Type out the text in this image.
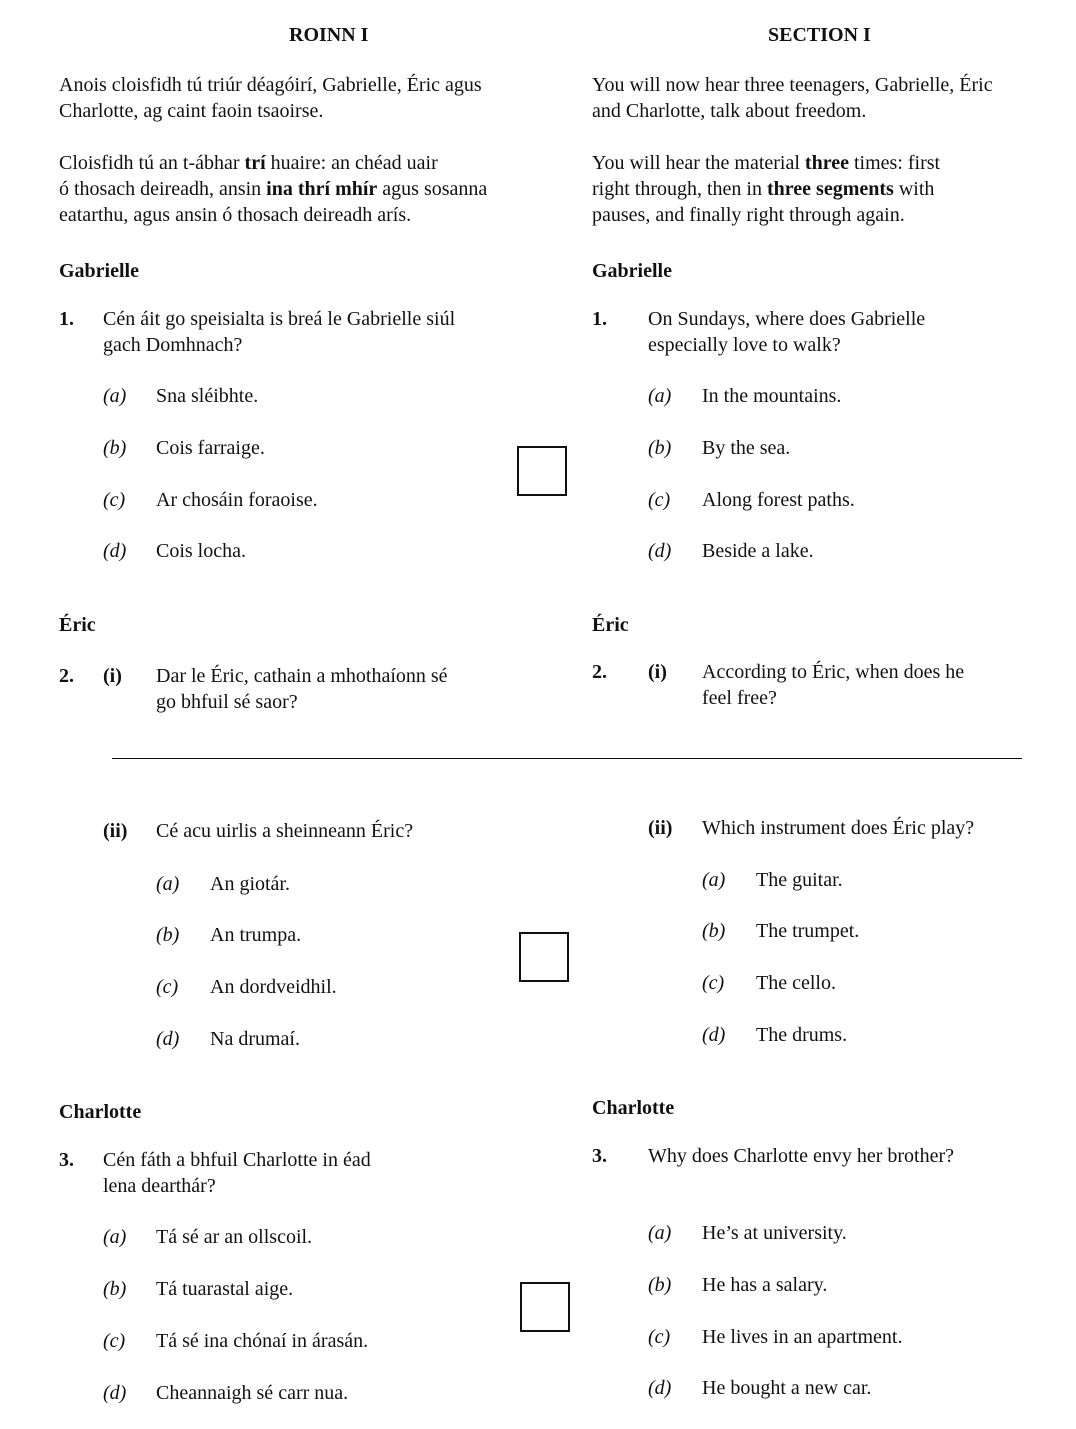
ROINN I	SECTION I
Anois cloisfidh tú triúr déagóirí, Gabrielle, Éric agus
Charlotte, ag caint faoin tsaoirse.
You will now hear three teenagers, Gabrielle, Éric
and Charlotte, talk about freedom.
Cloisfidh tú an t-ábhar trí huaire: an chéad uair
ó thosach deireadh, ansin ina thrí mhír agus sosanna
eatarthu, agus ansin ó thosach deireadh arís.
You will hear the material three times: first
right through, then in three segments with
pauses, and finally right through again.
Gabrielle	Gabrielle
1. Cén áit go speisialta is breá le Gabrielle siúl
gach Domhnach?
1. On Sundays, where does Gabrielle
especially love to walk?
(a) Sna sléibhte.
(b) Cois farraige.
(c) Ar chosáin foraoise.
(d) Cois locha.
(a) In the mountains.
(b) By the sea.
(c) Along forest paths.
(d) Beside a lake.
Éric	Éric
2. (i) Dar le Éric, cathain a mhothaíonn sé
go bhfuil sé saor?
2. (i) According to Éric, when does he
feel free?
(ii) Cé acu uirlis a sheinneann Éric?	(ii) Which instrument does Éric play?
(a) An giotár.
(b) An trumpa.
(c) An dordveidhil.
(d) Na drumaí.
(a) The guitar.
(b) The trumpet.
(c) The cello.
(d) The drums.
Charlotte	Charlotte
3. Cén fáth a bhfuil Charlotte in éad
lena dearthár?
3. Why does Charlotte envy her brother?
(a) Tá sé ar an ollscoil.
(b) Tá tuarastal aige.
(c) Tá sé ina chónaí in árasán.
(d) Cheannaigh sé carr nua.
(a) He’s at university.
(b) He has a salary.
(c) He lives in an apartment.
(d) He bought a new car.
